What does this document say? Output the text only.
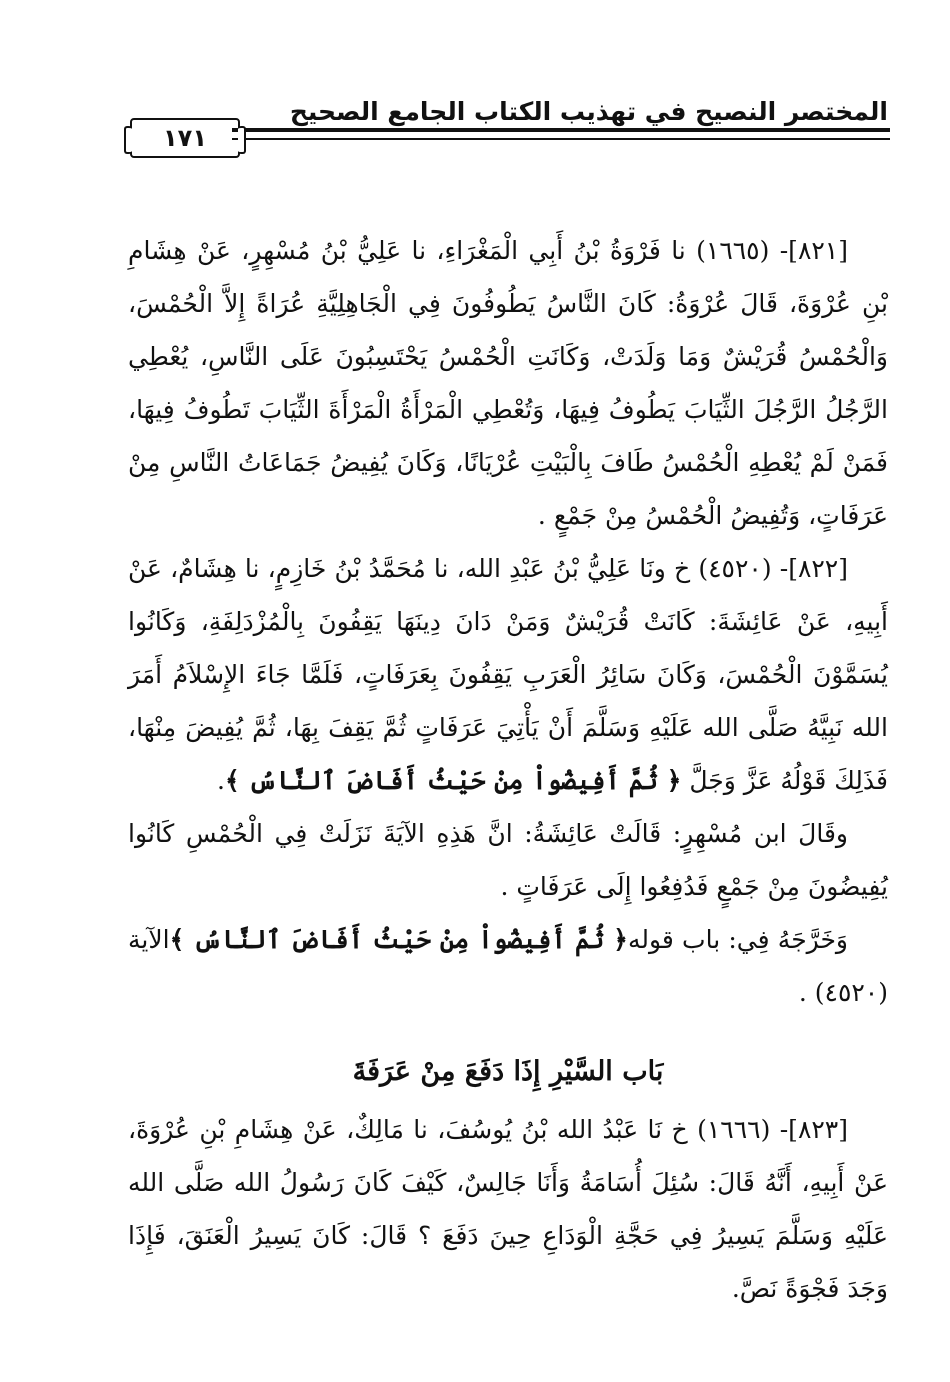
المختصر النصيح في تهذيب الكتاب الجامع الصحيح
١٧١

[٨٢١]- (١٦٦٥) نا فَرْوَةُ بْنُ أَبِي الْمَغْرَاءِ، نا عَلِيُّ بْنُ مُسْهِرٍ، عَنْ هِشَامِ بْنِ عُرْوَةَ، قَالَ عُرْوَةُ: كَانَ النَّاسُ يَطُوفُونَ فِي الْجَاهِلِيَّةِ عُرَاةً إِلاَّ الْحُمْسَ، وَالْحُمْسُ قُرَيْشٌ وَمَا وَلَدَتْ، وَكَانَتِ الْحُمْسُ يَحْتَسِبُونَ عَلَى النَّاسِ، يُعْطِي الرَّجُلُ الرَّجُلَ الثِّيَابَ يَطُوفُ فِيهَا، وَتُعْطِي الْمَرْأَةُ الْمَرْأَةَ الثِّيَابَ تَطُوفُ فِيهَا، فَمَنْ لَمْ يُعْطِهِ الْحُمْسُ طَافَ بِالْبَيْتِ عُرْيَانًا، وَكَانَ يُفِيضُ جَمَاعَاتُ النَّاسِ مِنْ عَرَفَاتٍ، وَتُفِيضُ الْحُمْسُ مِنْ جَمْعٍ .

[٨٢٢]- (٤٥٢٠) خ ونَا عَلِيُّ بْنُ عَبْدِ الله، نا مُحَمَّدُ بْنُ خَازِمٍ، نا هِشَامٌ، عَنْ أَبِيهِ، عَنْ عَائِشَةَ: كَانَتْ قُرَيْشٌ وَمَنْ دَانَ دِينَهَا يَقِفُونَ بِالْمُزْدَلِفَةِ، وَكَانُوا يُسَمَّوْنَ الْحُمْسَ، وَكَانَ سَائِرُ الْعَرَبِ يَقِفُونَ بِعَرَفَاتٍ، فَلَمَّا جَاءَ الإِسْلاَمُ أَمَرَ الله نَبِيَّهُ صَلَّى الله عَلَيْهِ وَسَلَّمَ أَنْ يَأْتِيَ عَرَفَاتٍ ثُمَّ يَقِفَ بِهَا، ثُمَّ يُفِيضَ مِنْهَا، فَذَلِكَ قَوْلُهُ عَزَّ وَجَلَّ ﴿ ثُمَّ أَفِيضُواْ مِنْ حَيْثُ أَفَاضَ ٱلنَّاسُ ﴾.

وقَالَ ابن مُسْهِرٍ: قَالَتْ عَائِشَةُ: انَّ هَذِهِ الآيَةَ نَزَلَتْ فِي الْحُمْسِ كَانُوا يُفِيضُونَ مِنْ جَمْعٍ فَدُفِعُوا إِلَى عَرَفَاتٍ .

وَخَرَّجَهُ فِي: باب قوله﴿ ثُمَّ أَفِيضُواْ مِنْ حَيْثُ أَفَاضَ ٱلنَّاسُ ﴾الآية (٤٥٢٠) .

بَاب السَّيْرِ إِذَا دَفَعَ مِنْ عَرَفَةَ

[٨٢٣]- (١٦٦٦) خ نَا عَبْدُ الله بْنُ يُوسُفَ، نا مَالِكٌ، عَنْ هِشَامِ بْنِ عُرْوَةَ، عَنْ أَبِيهِ، أَنَّهُ قَالَ: سُئِلَ أُسَامَةُ وَأَنَا جَالِسٌ، كَيْفَ كَانَ رَسُولُ الله صَلَّى الله عَلَيْهِ وَسَلَّمَ يَسِيرُ فِي حَجَّةِ الْوَدَاعِ حِينَ دَفَعَ ؟ قَالَ: كَانَ يَسِيرُ الْعَنَقَ، فَإِذَا وَجَدَ فَجْوَةً نَصَّ.
